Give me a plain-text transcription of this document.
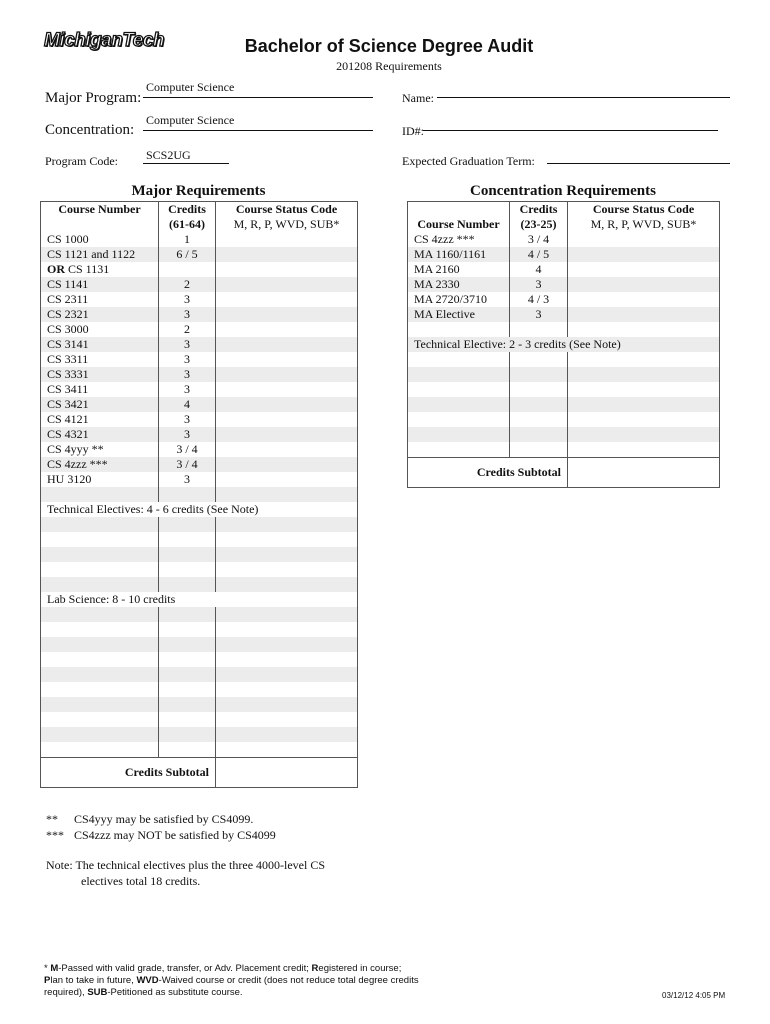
MichiganTech	Bachelor of Science Degree Audit
201208 Requirements
Computer Science
Major Program:
Computer Science
Concentration:
SCS2UG
Program Code:
Name:
ID#:
Expected Graduation Term:
Major Requirements	Concentration Requirements
Course Number	Credits	Course Status Code
	(61-64)	M, R, P, WVD, SUB*
CS 1000	1	
CS 1121 and 1122	6 / 5	
OR CS 1131		
CS 1141	2	
CS 2311	3	
CS 2321	3	
CS 3000	2	
CS 3141	3	
CS 3311	3	
CS 3331	3	
CS 3411	3	
CS 3421	4	
CS 4121	3	
CS 4321	3	
CS 4yyy **	3 / 4	
CS 4zzz ***	3 / 4	
HU 3120	3	

Technical Electives: 4 - 6 credits (See Note)		

Lab Science: 8 - 10 credits		

Credits Subtotal		
	Credits	Course Status Code
Course Number	(23-25)	M, R, P, WVD, SUB*
CS 4zzz ***	3 / 4	
MA 1160/1161	4 / 5	
MA 2160	4	
MA 2330	3	
MA 2720/3710	4 / 3	
MA Elective	3	

Technical Elective: 2 - 3 credits (See Note)		

Credits Subtotal		
** CS4yyy may be satisfied by CS4099.
*** CS4zzz may NOT be satisfied by CS4099
Note: The technical electives plus the three 4000-level CS
electives total 18 credits.
* M-Passed with valid grade, transfer, or Adv. Placement credit; Registered in course; Plan to take in future, WVD-Waived course or credit (does not reduce total degree credits required), SUB-Petitioned as substitute course.	03/12/12 4:05 PM
